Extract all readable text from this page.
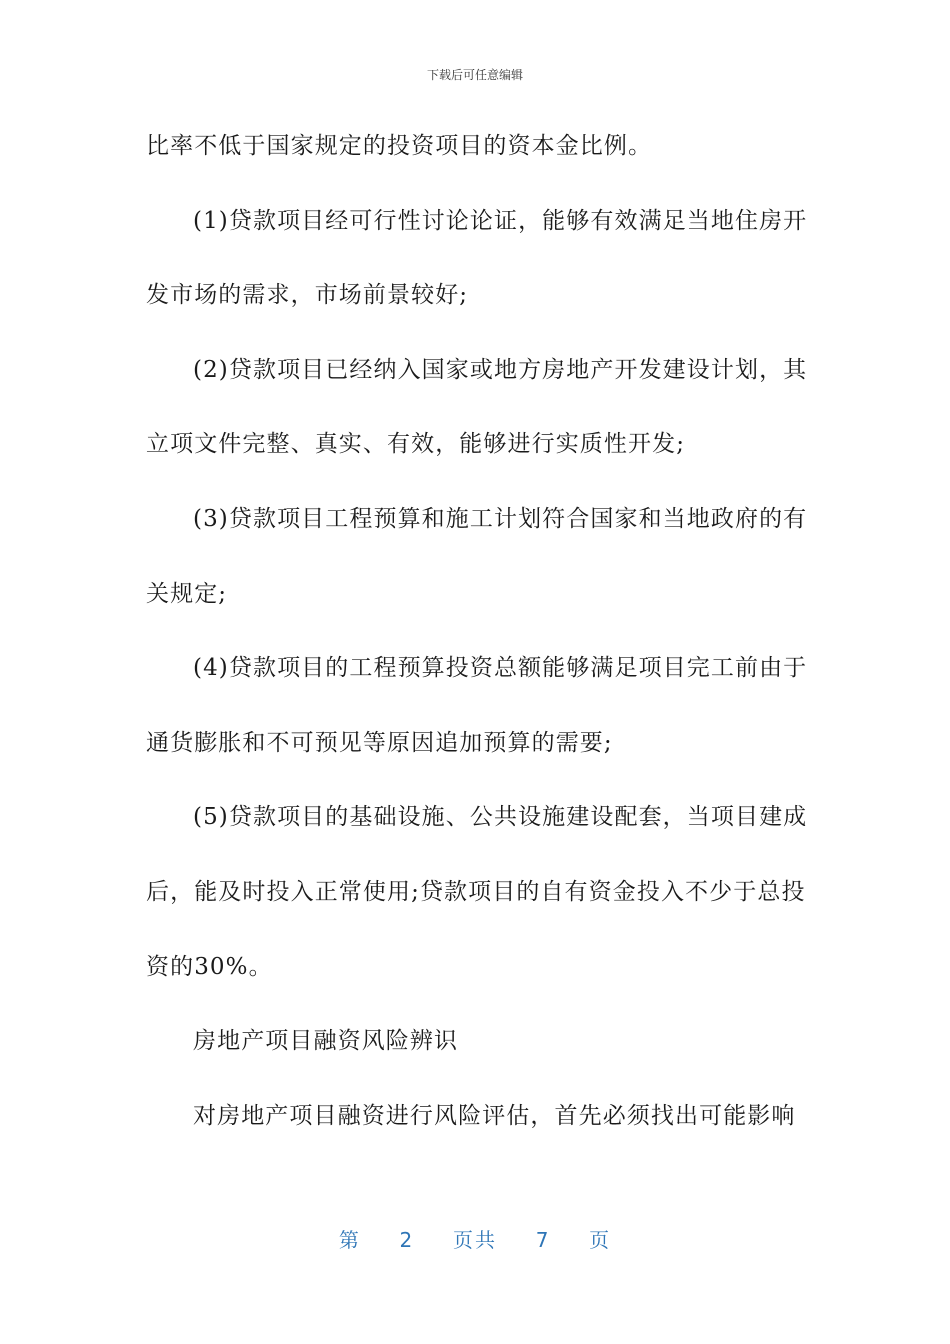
下载后可任意编辑
比率不低于国家规定的投资项目的资本金比例。
(1)贷款项目经可行性讨论论证，能够有效满足当地住房开
发市场的需求，市场前景较好;
(2)贷款项目已经纳入国家或地方房地产开发建设计划，其
立项文件完整、真实、有效，能够进行实质性开发;
(3)贷款项目工程预算和施工计划符合国家和当地政府的有
关规定;
(4)贷款项目的工程预算投资总额能够满足项目完工前由于
通货膨胀和不可预见等原因追加预算的需要;
(5)贷款项目的基础设施、公共设施建设配套，当项目建成
后，能及时投入正常使用;贷款项目的自有资金投入不少于总投
资的30%。
房地产项目融资风险辨识
对房地产项目融资进行风险评估，首先必须找出可能影响
第 2 页共 7 页
